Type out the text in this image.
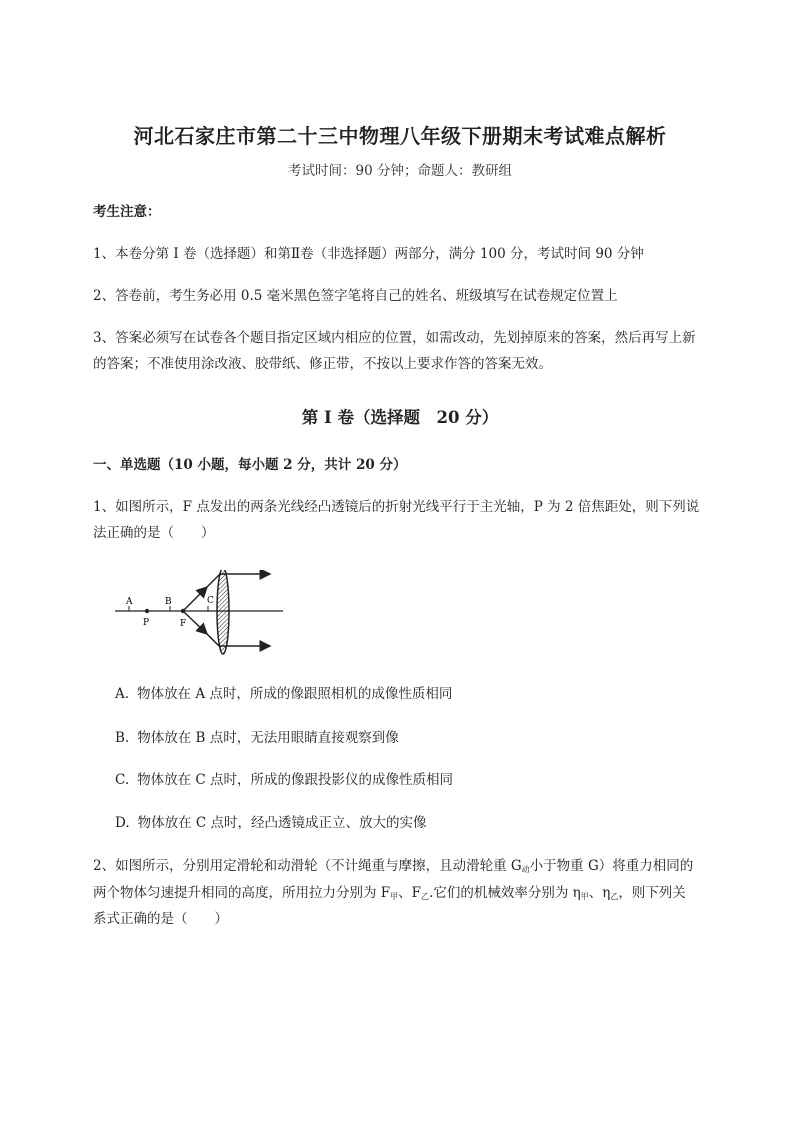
河北石家庄市第二十三中物理八年级下册期末考试难点解析
考试时间：90 分钟；命题人：教研组
考生注意：
1、本卷分第 I 卷（选择题）和第Ⅱ卷（非选择题）两部分，满分 100 分，考试时间 90 分钟
2、答卷前，考生务必用 0.5 毫米黑色签字笔将自己的姓名、班级填写在试卷规定位置上
3、答案必须写在试卷各个题目指定区域内相应的位置，如需改动，先划掉原来的答案，然后再写上新
的答案；不准使用涂改液、胶带纸、修正带，不按以上要求作答的答案无效。
第 I 卷（选择题　20 分）
一、单选题（10 小题，每小题 2 分，共计 20 分）
1、如图所示，F 点发出的两条光线经凸透镜后的折射光线平行于主光轴，P 为 2 倍焦距处，则下列说
法正确的是（　　）
A	B	C
P	F
A. 物体放在 A 点时，所成的像跟照相机的成像性质相同
B. 物体放在 B 点时，无法用眼睛直接观察到像
C. 物体放在 C 点时，所成的像跟投影仪的成像性质相同
D. 物体放在 C 点时，经凸透镜成正立、放大的实像
2、如图所示，分别用定滑轮和动滑轮（不计绳重与摩擦，且动滑轮重 $G_动$小于物重 G）将重力相同的
两个物体匀速提升相同的高度，所用拉力分别为 $F_甲$、$F_乙$.它们的机械效率分别为 $\eta_甲$、$\eta_乙$，则下列关
系式正确的是（　　）
